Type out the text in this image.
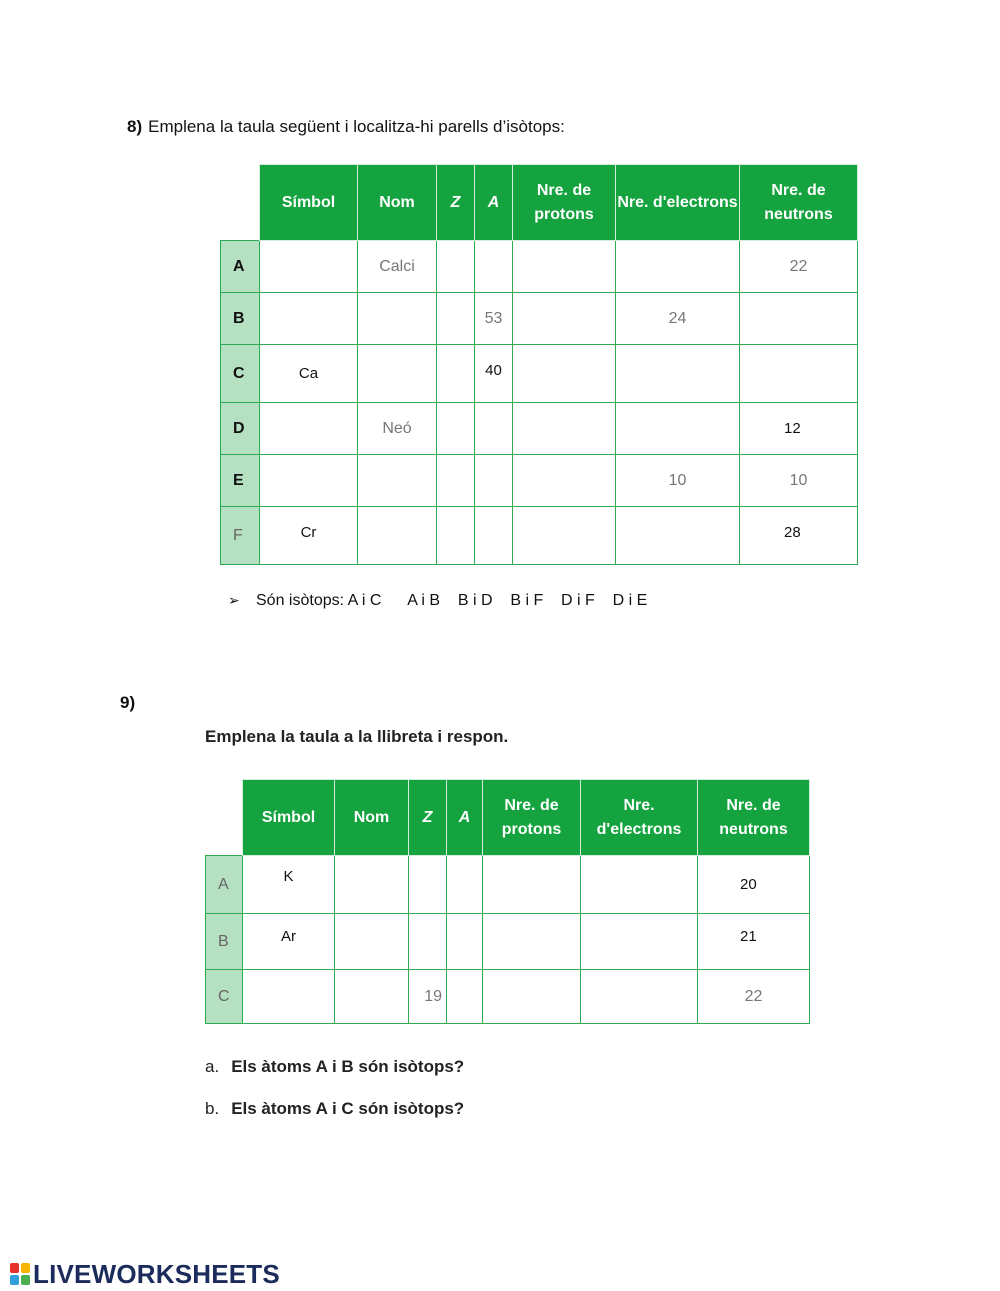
8) Emplena la taula següent i localitza-hi parells d’isòtops:
	Símbol	Nom	Z	A	Nre. de protons	Nre. d'electrons	Nre. de neutrons
A		Calci					22
B				53		24	
C	Ca			40			
D		Neó					12
E						10	10
F	Cr						28
➢ Són isòtops: A i C      A i B    B i D    B i F    D i F    D i E
9)
Emplena la taula a la llibreta i respon.
	Símbol	Nom	Z	A	Nre. de protons	Nre. d'electrons	Nre. de neutrons
A	K						20
B	Ar						21
C			19				22
a. Els àtoms A i B són isòtops?
b. Els àtoms A i C són isòtops?
LIVEWORKSHEETS
